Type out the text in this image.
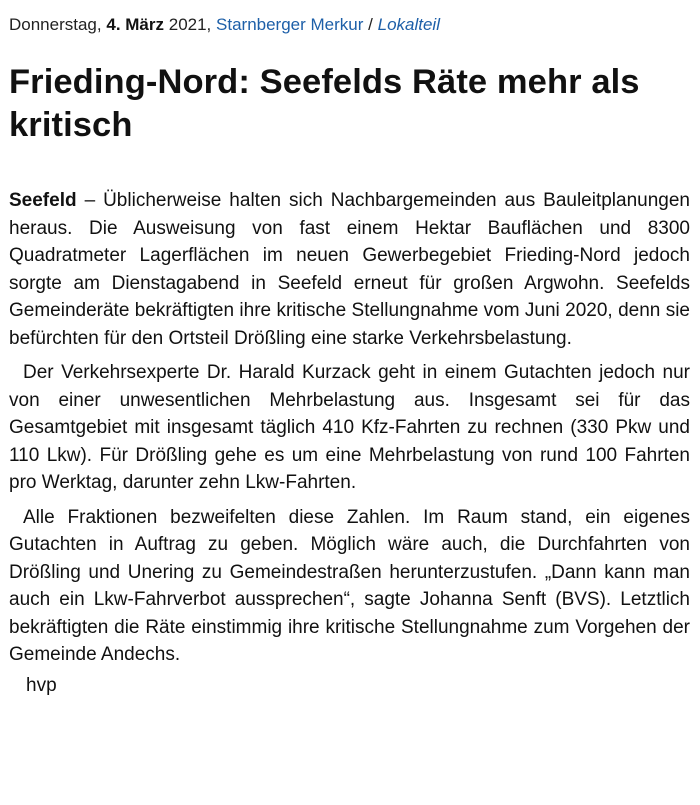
Donnerstag, 4. März 2021, Starnberger Merkur / Lokalteil
Frieding-Nord: Seefelds Räte mehr als kritisch

Seefeld – Üblicherweise halten sich Nachbargemeinden aus Bauleitplanungen heraus. Die Ausweisung von fast einem Hektar Bauflächen und 8300 Quadratmeter Lagerflächen im neuen Gewerbegebiet Frieding-Nord jedoch sorgte am Dienstagabend in Seefeld erneut für großen Argwohn. Seefelds Gemeinderäte bekräftigten ihre kritische Stellungnahme vom Juni 2020, denn sie befürchten für den Ortsteil Drößling eine starke Verkehrsbelastung.

Der Verkehrsexperte Dr. Harald Kurzack geht in einem Gutachten jedoch nur von einer unwesentlichen Mehrbelastung aus. Insgesamt sei für das Gesamtgebiet mit insgesamt täglich 410 Kfz-Fahrten zu rechnen (330 Pkw und 110 Lkw). Für Drößling gehe es um eine Mehrbelastung von rund 100 Fahrten pro Werktag, darunter zehn Lkw-Fahrten.

Alle Fraktionen bezweifelten diese Zahlen. Im Raum stand, ein eigenes Gutachten in Auftrag zu geben. Möglich wäre auch, die Durchfahrten von Drößling und Unering zu Gemeindestraßen herunterzustufen. „Dann kann man auch ein Lkw-Fahrverbot aussprechen“, sagte Johanna Senft (BVS). Letztlich bekräftigten die Räte einstimmig ihre kritische Stellungnahme zum Vorgehen der Gemeinde Andechs.

hvp
